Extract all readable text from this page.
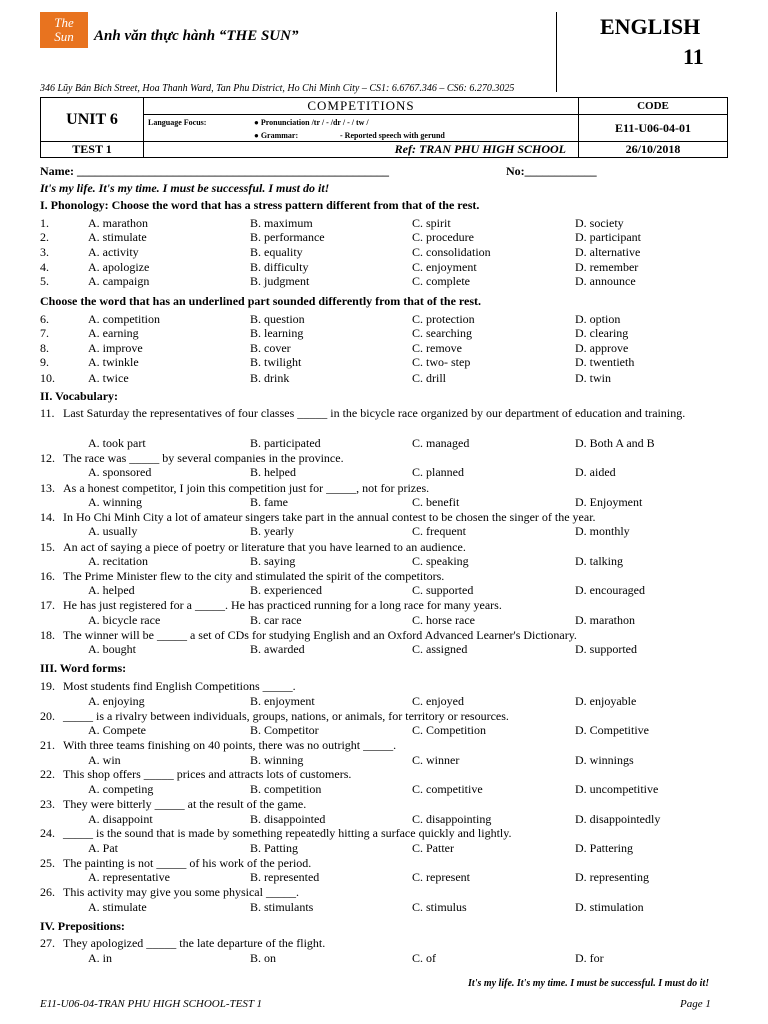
The
Sun	Anh văn thực hành “THE SUN”	ENGLISH
11
346 Lũy Bán Bích Street, Hoa Thanh Ward, Tan Phu District, Ho Chi Minh City – CS1: 6.6767.346 – CS6: 6.270.3025
UNIT 6	COMPETITIONS	CODE

	Language Focus: ● Pronunciation /tr / - /dr / - / tw /
● Grammar: - Reported speech with gerund	E11-U06-04-01
TEST 1	Ref: TRAN PHU HIGH SCHOOL	26/10/2018
Name: ____________________________________________________	No:____________
It's my life. It's my time. I must be successful. I must do it!
I. Phonology: Choose the word that has a stress pattern different from that of the rest.
1.	A. marathon	B. maximum	C. spirit	D. society
2.	A. stimulate	B. performance	C. procedure	D. participant
3.	A. activity	B. equality	C. consolidation	D. alternative
4.	A. apologize	B. difficulty	C. enjoyment	D. remember
5.	A. campaign	B. judgment	C. complete	D. announce
Choose the word that has an underlined part sounded differently from that of the rest.
6.	A. competition	B. question	C. protection	D. option
7.	A. earning	B. learning	C. searching	D. clearing
8.	A. improve	B. cover	C. remove	D. approve
9.	A. twinkle	B. twilight	C. two- step	D. twentieth
10.	A. twice	B. drink	C. drill	D. twin
II. Vocabulary:
11. Last Saturday the representatives of four classes _____ in the bicycle race organized by our department of education and training.
A. took part	B. participated	C. managed	D. Both A and B
12. The race was _____ by several companies in the province.
A. sponsored	B. helped	C. planned	D. aided
13. As a honest competitor, I join this competition just for _____, not for prizes.
A. winning	B. fame	C. benefit	D. Enjoyment
14. In Ho Chi Minh City a lot of amateur singers take part in the annual contest to be chosen the singer of the year.
A. usually	B. yearly	C. frequent	D. monthly
15. An act of saying a piece of poetry or literature that you have learned to an audience.
A. recitation	B. saying	C. speaking	D. talking
16. The Prime Minister flew to the city and stimulated the spirit of the competitors.
A. helped	B. experienced	C. supported	D. encouraged
17. He has just registered for a _____. He has practiced running for a long race for many years.
A. bicycle race	B. car race	C. horse race	D. marathon
18. The winner will be _____ a set of CDs for studying English and an Oxford Advanced Learner's Dictionary.
A. bought	B. awarded	C. assigned	D. supported
III. Word forms:
19. Most students find English Competitions _____.
A. enjoying	B. enjoyment	C. enjoyed	D. enjoyable
20. _____ is a rivalry between individuals, groups, nations, or animals, for territory or resources.
A. Compete	B. Competitor	C. Competition	D. Competitive
21. With three teams finishing on 40 points, there was no outright _____.
A. win	B. winning	C. winner	D. winnings
22. This shop offers _____ prices and attracts lots of customers.
A. competing	B. competition	C. competitive	D. uncompetitive
23. They were bitterly _____ at the result of the game.
A. disappoint	B. disappointed	C. disappointing	D. disappointedly
24. _____ is the sound that is made by something repeatedly hitting a surface quickly and lightly.
A. Pat	B. Patting	C. Patter	D. Pattering
25. The painting is not _____ of his work of the period.
A. representative	B. represented	C. represent	D. representing
26. This activity may give you some physical _____.
A. stimulate	B. stimulants	C. stimulus	D. stimulation
IV. Prepositions:
27. They apologized _____ the late departure of the flight.
A. in	B. on	C. of	D. for
It's my life. It's my time. I must be successful. I must do it!
E11-U06-04-TRAN PHU HIGH SCHOOL-TEST 1	Page 1
